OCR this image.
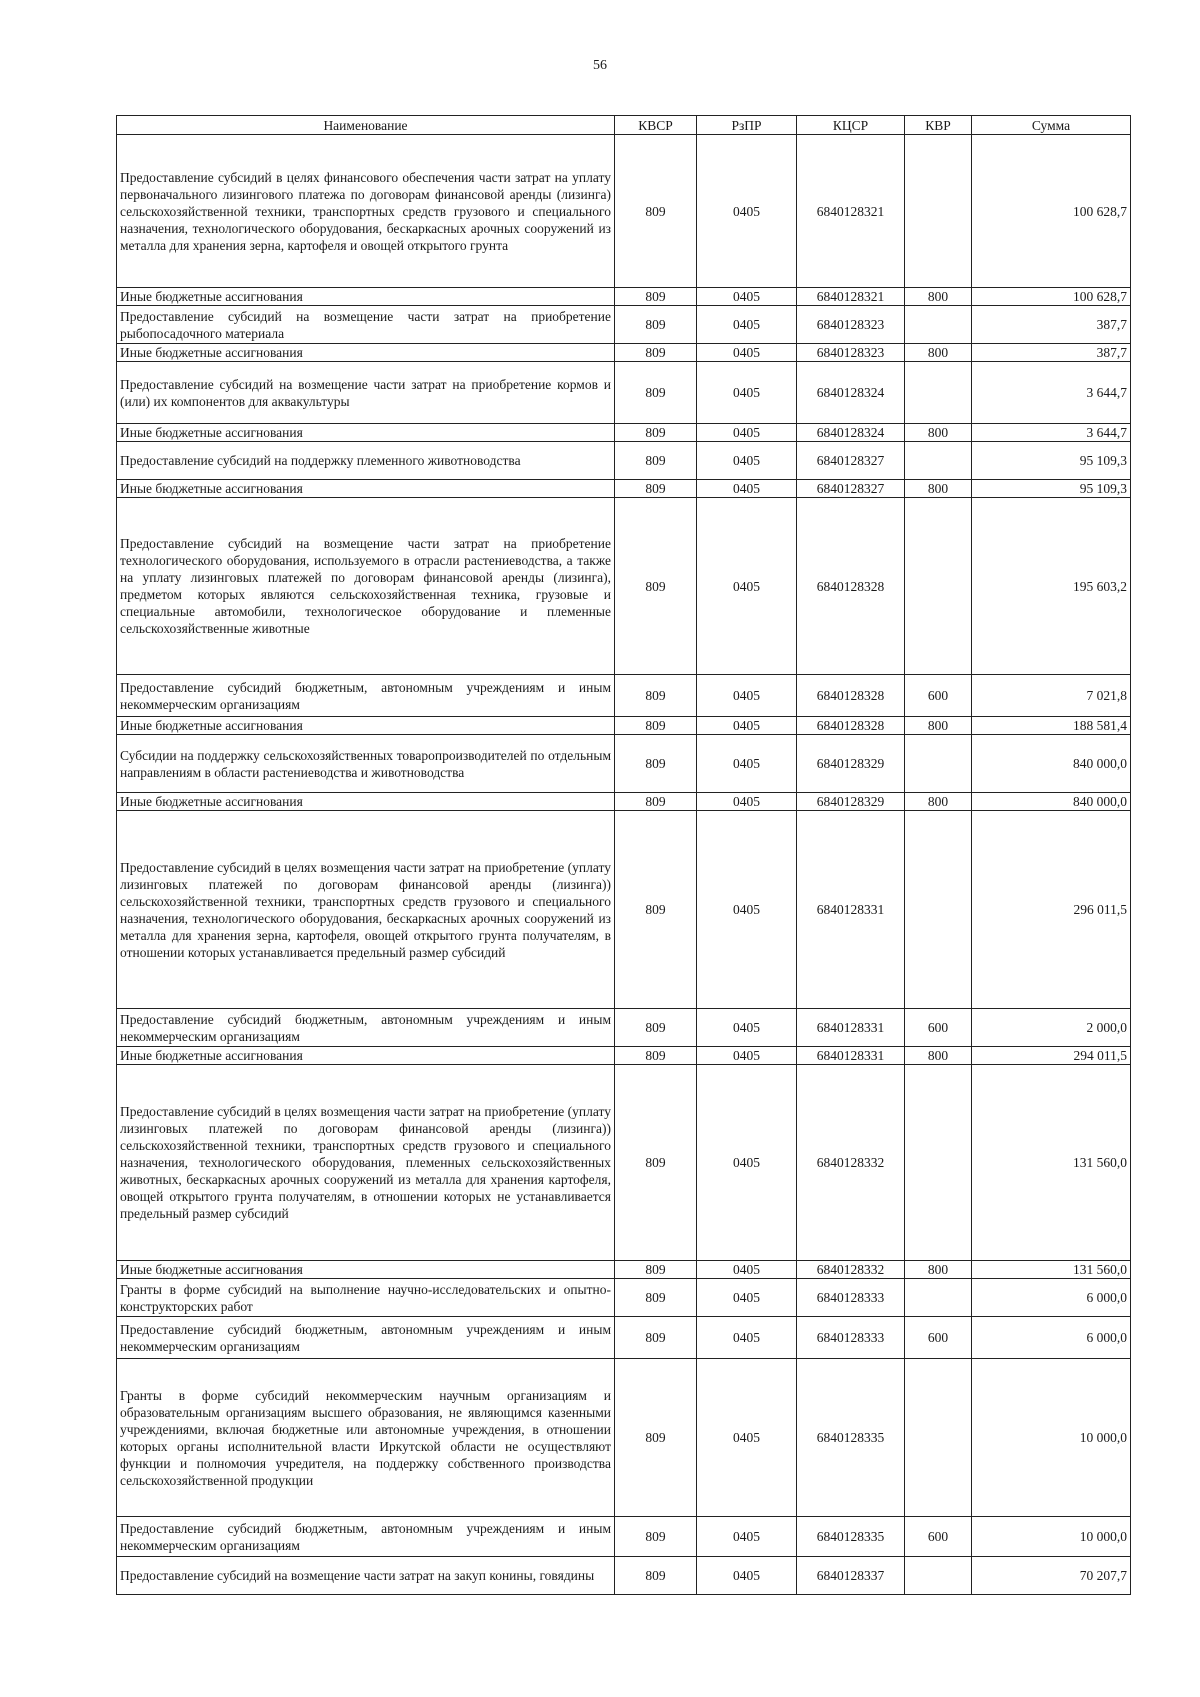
56
Наименование	КВСР	РзПР	КЦСР	КВР	Сумма
Предоставление субсидий в целях финансового обеспечения части затрат на уплату первоначального лизингового платежа по договорам финансовой аренды (лизинга) сельскохозяйственной техники, транспортных средств грузового и специального назначения, технологического оборудования, бескаркасных арочных сооружений из металла для хранения зерна, картофеля и овощей открытого грунта	809	0405	6840128321		100 628,7
Иные бюджетные ассигнования	809	0405	6840128321	800	100 628,7
Предоставление субсидий на возмещение части затрат на приобретение рыбопосадочного материала	809	0405	6840128323		387,7
Иные бюджетные ассигнования	809	0405	6840128323	800	387,7
Предоставление субсидий на возмещение части затрат на приобретение кормов и (или) их компонентов для аквакультуры	809	0405	6840128324		3 644,7
Иные бюджетные ассигнования	809	0405	6840128324	800	3 644,7
Предоставление субсидий на поддержку племенного животноводства	809	0405	6840128327		95 109,3
Иные бюджетные ассигнования	809	0405	6840128327	800	95 109,3
Предоставление субсидий на возмещение части затрат на приобретение технологического оборудования, используемого в отрасли растениеводства, а также на уплату лизинговых платежей по договорам финансовой аренды (лизинга), предметом которых являются сельскохозяйственная техника, грузовые и специальные автомобили, технологическое оборудование и племенные сельскохозяйственные животные	809	0405	6840128328		195 603,2
Предоставление субсидий бюджетным, автономным учреждениям и иным некоммерческим организациям	809	0405	6840128328	600	7 021,8
Иные бюджетные ассигнования	809	0405	6840128328	800	188 581,4
Субсидии на поддержку сельскохозяйственных товаропроизводителей по отдельным направлениям в области растениеводства и животноводства	809	0405	6840128329		840 000,0
Иные бюджетные ассигнования	809	0405	6840128329	800	840 000,0
Предоставление субсидий в целях возмещения части затрат на приобретение (уплату лизинговых платежей по договорам финансовой аренды (лизинга)) сельскохозяйственной техники, транспортных средств грузового и специального назначения, технологического оборудования, бескаркасных арочных сооружений из металла для хранения зерна, картофеля, овощей открытого грунта получателям, в отношении которых устанавливается предельный размер субсидий	809	0405	6840128331		296 011,5
Предоставление субсидий бюджетным, автономным учреждениям и иным некоммерческим организациям	809	0405	6840128331	600	2 000,0
Иные бюджетные ассигнования	809	0405	6840128331	800	294 011,5
Предоставление субсидий в целях возмещения части затрат на приобретение (уплату лизинговых платежей по договорам финансовой аренды (лизинга)) сельскохозяйственной техники, транспортных средств грузового и специального назначения, технологического оборудования, племенных сельскохозяйственных животных, бескаркасных арочных сооружений из металла для хранения картофеля, овощей открытого грунта получателям, в отношении которых не устанавливается предельный размер субсидий	809	0405	6840128332		131 560,0
Иные бюджетные ассигнования	809	0405	6840128332	800	131 560,0
Гранты в форме субсидий на выполнение научно-исследовательских и опытно-конструкторских работ	809	0405	6840128333		6 000,0
Предоставление субсидий бюджетным, автономным учреждениям и иным некоммерческим организациям	809	0405	6840128333	600	6 000,0
Гранты в форме субсидий некоммерческим научным организациям и образовательным организациям высшего образования, не являющимся казенными учреждениями, включая бюджетные или автономные учреждения, в отношении которых органы исполнительной власти Иркутской области не осуществляют функции и полномочия учредителя, на поддержку собственного производства сельскохозяйственной продукции	809	0405	6840128335		10 000,0
Предоставление субсидий бюджетным, автономным учреждениям и иным некоммерческим организациям	809	0405	6840128335	600	10 000,0
Предоставление субсидий на возмещение части затрат на закуп конины, говядины	809	0405	6840128337		70 207,7
